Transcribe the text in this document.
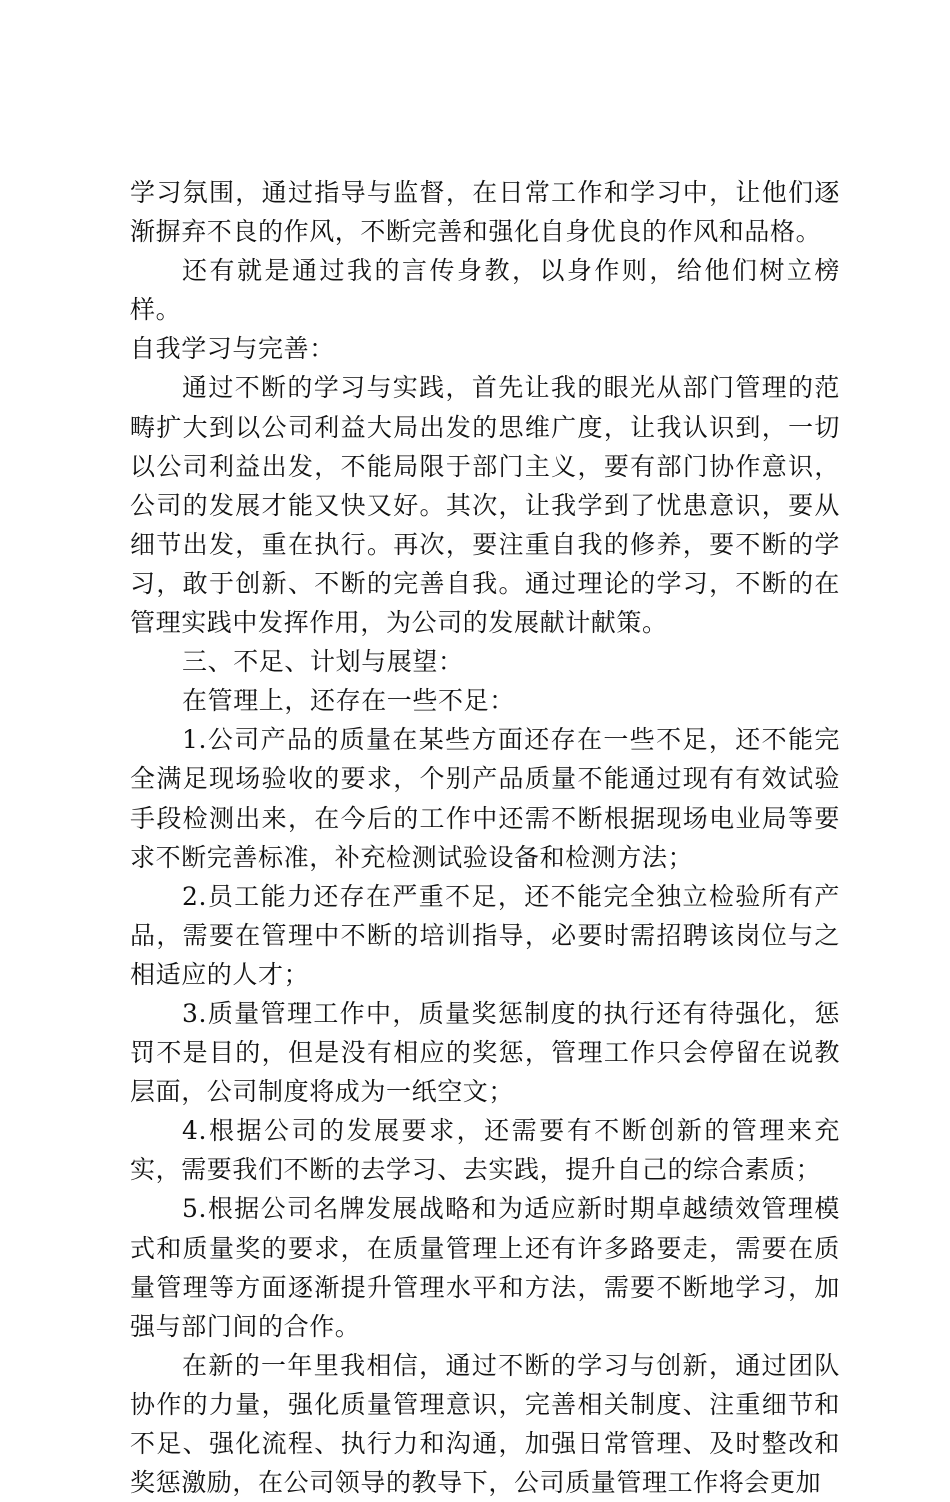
学习氛围，通过指导与监督，在日常工作和学习中，让他们逐渐摒弃不良的作风，不断完善和强化自身优良的作风和品格。

还有就是通过我的言传身教，以身作则，给他们树立榜样。

自我学习与完善：

通过不断的学习与实践，首先让我的眼光从部门管理的范畴扩大到以公司利益大局出发的思维广度，让我认识到，一切以公司利益出发，不能局限于部门主义，要有部门协作意识，公司的发展才能又快又好。其次，让我学到了忧患意识，要从细节出发，重在执行。再次，要注重自我的修养，要不断的学习，敢于创新、不断的完善自我。通过理论的学习，不断的在管理实践中发挥作用，为公司的发展献计献策。

三、不足、计划与展望：

在管理上，还存在一些不足：

1.公司产品的质量在某些方面还存在一些不足，还不能完全满足现场验收的要求，个别产品质量不能通过现有有效试验手段检测出来，在今后的工作中还需不断根据现场电业局等要求不断完善标准，补充检测试验设备和检测方法；

2.员工能力还存在严重不足，还不能完全独立检验所有产品，需要在管理中不断的培训指导，必要时需招聘该岗位与之相适应的人才；

3.质量管理工作中，质量奖惩制度的执行还有待强化，惩罚不是目的，但是没有相应的奖惩，管理工作只会停留在说教层面，公司制度将成为一纸空文；

4.根据公司的发展要求，还需要有不断创新的管理来充实，需要我们不断的去学习、去实践，提升自己的综合素质；

5.根据公司名牌发展战略和为适应新时期卓越绩效管理模式和质量奖的要求，在质量管理上还有许多路要走，需要在质量管理等方面逐渐提升管理水平和方法，需要不断地学习，加强与部门间的合作。

在新的一年里我相信，通过不断的学习与创新，通过团队协作的力量，强化质量管理意识，完善相关制度、注重细节和不足、强化流程、执行力和沟通，加强日常管理、及时整改和奖惩激励，在公司领导的教导下，公司质量管理工作将会更加
